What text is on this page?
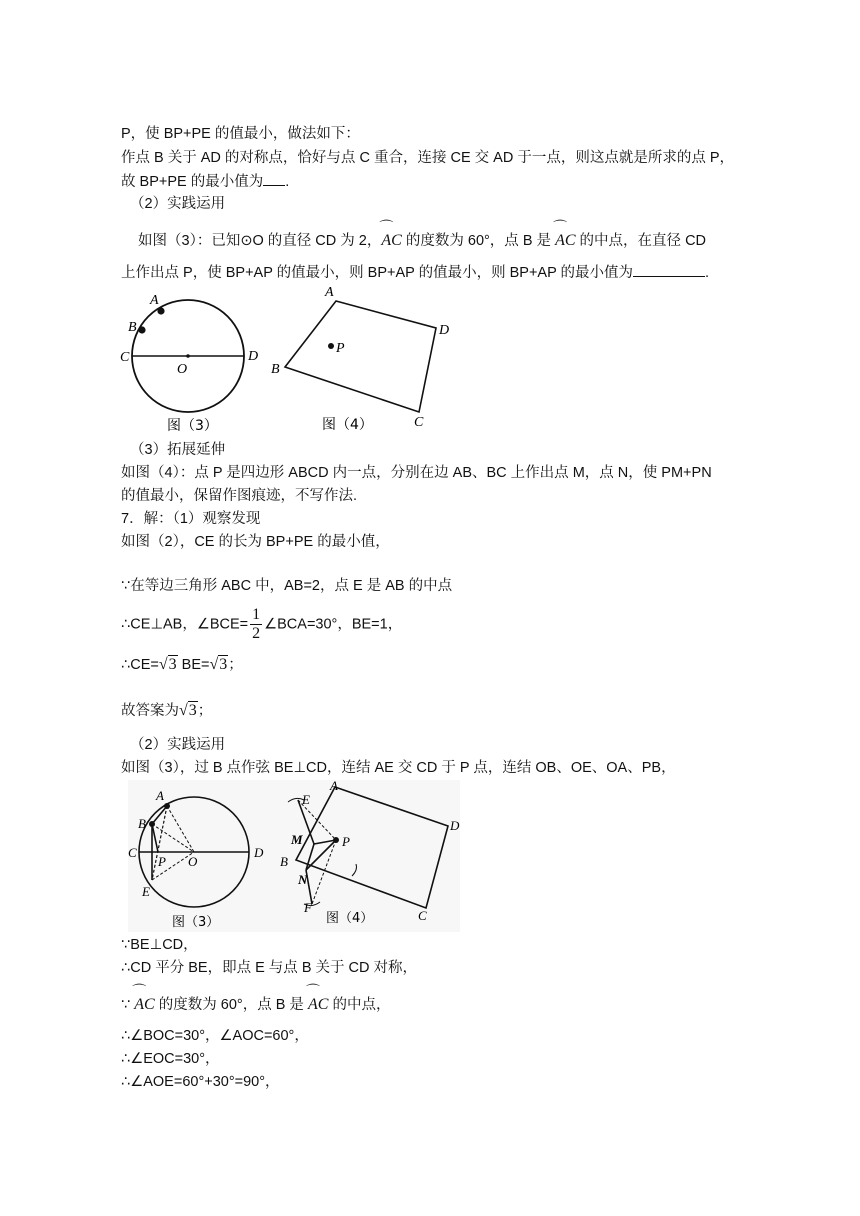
P，使 BP+PE 的值最小，做法如下：
作点 B 关于 AD 的对称点，恰好与点 C 重合，连接 CE 交 AD 于一点，则这点就是所求的点 P，
故 BP+PE 的最小值为 .
（2）实践运用
如图（3）：已知⊙O 的直径 CD 为 2，⌒ AC 的度数为 60°，点 B 是 ⌒ AC 的中点，在直径 CD
上作出点 P，使 BP+AP 的值最小，则 BP+AP 的值最小，则 BP+AP 的最小值为	.
A
B
C	D
O
图（3）
P
A
B
C
D
图（4）
（3）拓展延伸
如图（4）：点 P 是四边形 ABCD 内一点，分别在边 AB、BC 上作出点 M，点 N，使 PM+PN
的值最小，保留作图痕迹，不写作法.
7．解：（1）观察发现
如图（2），CE 的长为 BP+PE 的最小值，
∵在等边三角形 ABC 中，AB=2，点 E 是 AB 的中点
∴CE⊥AB，∠BCE= $\frac{1}{2}$ ∠BCA=30°，BE=1，
∴CE=√3 BE=√3；
故答案为√3；
（2）实践运用
如图（3），过 B 点作弦 BE⊥CD，连结 AE 交 CD 于 P 点，连结 OB、OE、OA、PB，
A
B
C	D
P O
E
图（3）
P
E
A
M
B
N
F
C
D
图（4）
∵BE⊥CD，
∴CD 平分 BE，即点 E 与点 B 关于 CD 对称，
∵ ⌒ AC 的度数为 60°，点 B 是 ⌒ AC 的中点，
∴∠BOC=30°，∠AOC=60°，
∴∠EOC=30°，
∴∠AOE=60°+30°=90°，
